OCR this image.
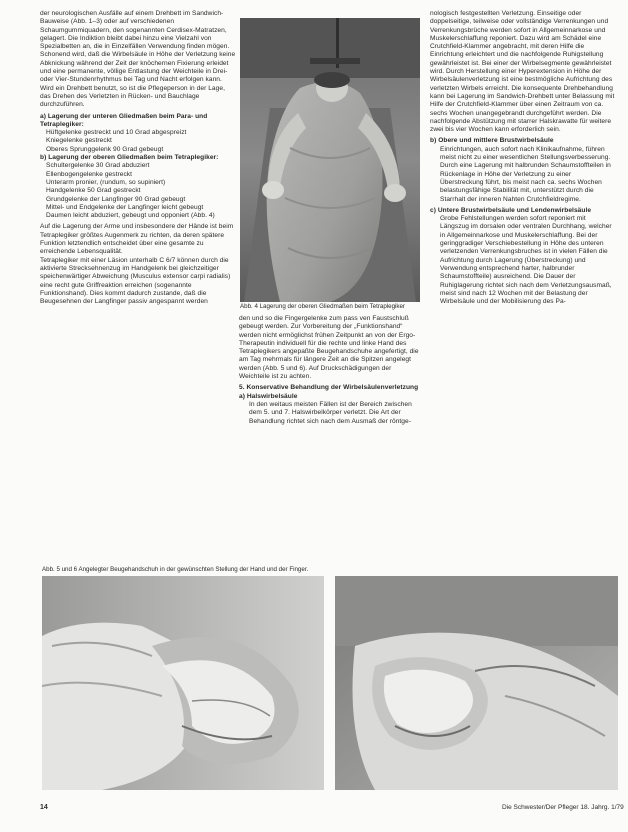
der neurologischen Ausfälle auf einem Drehbett im Sandwich-Bauweise (Abb. 1–3) oder auf verschiedenen Schaumgummiquadern, den sogenannten Cerdisex-Matratzen, gelagert. Die Indiktion bleibt dabei hinzu eine Vielzahl von Spezialbetten an, die in Einzelfällen Verwendung finden mögen. Schonend wird, daß die Wirbelsäule in Höhe der Verletzung keine Abknickung während der Zeit der knöchernen Fixierung erleidet und eine permanente, völlige Entlastung der Weichteile in Drei- oder Vier-Stundenrhythmus bei Tag und Nacht erfolgen kann.

Wird ein Drehbett benutzt, so ist die Pflegeperson in der Lage, das Drehen des Verletzten in Rücken- und Bauchlage durchzuführen.

a) Lagerung der unteren Gliedmaßen beim Para- und Tetraplegiker:

Hüftgelenke gestreckt und 10 Grad abgespreizt

Kniegelenke gestreckt

Oberes Sprunggelenk 90 Grad gebeugt

b) Lagerung der oberen Gliedmaßen beim Tetraplegiker:

Schultergelenke 30 Grad abduziert

Ellenbogengelenke gestreckt

Unterarm pronier, (rundum, so supiniert)

Handgelenke 50 Grad gestreckt

Grundgelenke der Langfinger 90 Grad gebeugt

Mittel- und Endgelenke der Langfinger leicht gebeugt

Daumen leicht abduziert, gebeugt und opponiert (Abb. 4)

Auf die Lagerung der Arme und insbesondere der Hände ist beim Tetraplegiker größtes Augenmerk zu richten, da deren spätere Funktion letztendlich entscheidet über eine gesamte zu erreichende Lebensqualität.

Tetraplegiker mit einer Läsion unterhalb C 6/7 können durch die aktivierte Strecksehnenzug im Handgelenk bei gleichzeitiger speichenwärtiger Abweichung (Musculus extensor carpi radialis) eine recht gute Griffreaktion erreichen (sogenannte Funktionshand). Dies kommt dadurch zustande, daß die Beugesehnen der Langfinger passiv angespannt werden

Abb. 4 Lagerung der oberen Gliedmaßen beim Tetraplegiker

den und so die Fingergelenke zum pass ven Faustschluß gebeugt werden. Zur Vorbereitung der „Funktionshand“ werden nicht ermöglichst frühen Zeitpunkt an von der Ergo-Therapeutin individuell für die rechte und linke Hand des Tetraplegikers angepaßte Beugehandschuhe angefertigt, die am Tag mehrmals für längere Zeit an die Spitzen angelegt werden (Abb. 5 und 6). Auf Druckschädigungen der Weichteile ist zu achten.

5. Konservative Behandlung der Wirbelsäulenverletzung

a) Halswirbelsäule

In den weitaus meisten Fällen ist der Bereich zwischen dem 5. und 7. Halswirbelkörper verletzt. Die Art der Behandlung richtet sich nach dem Ausmaß der röntge-

nologisch festgestellten Verletzung. Einseitige oder doppelseitige, teilweise oder vollständige Verrenkungen und Verrenkungsbrüche werden sofort in Allgemeinnarkose und Muskelerschlaffung reponiert. Dazu wird am Schädel eine Crutchfield-Klammer angebracht, mit deren Hilfe die Einrichtung erleichtert und die nachfolgende Ruhigstellung gewährleistet ist. Bei einer der Wirbelsegmente gewährleistet wird. Durch Herstellung einer Hyperextension in Höhe der Wirbelsäulenverletzung ist eine bestmögliche Aufrichtung des verletzten Wirbels erreicht. Die konsequente Drehbehandlung kann bei Lagerung im Sandwich-Drehbett unter Belassung mit Hilfe der Crutchfield-Klammer über einen Zeitraum von ca. sechs Wochen unangegebrandt durchgeführt werden. Die nachfolgende Abstützung mit starrer Halskrawatte für weitere zwei bis vier Wochen kann erforderlich sein.

b) Obere und mittlere Brustwirbelsäule

Einrichtungen, auch sofort nach Klinikaufnahme, führen meist nicht zu einer wesentlichen Stellungsverbesserung. Durch eine Lagerung mit halbrunden Schaumstoffteilen in Rückenlage in Höhe der Verletzung zu einer Überstreckung führt, bis meist nach ca. sechs Wochen belastungsfähige Stabilität mit, unterstützt durch die Starrhalt der inneren Nahten Crutchfieldregime.

c) Untere Brustwirbelsäule und Lendenwirbelsäule

Grobe Fehlstellungen werden sofort reponiert mit Längszug im dorsalen oder ventralen Durchhang, welcher in Allgemeinnarkose und Muskelerschlaffung. Bei der geringgradiger Verschiebestellung in Höhe des unteren verletzenden Verrenkungsbruches ist in vielen Fällen die Aufrichtung durch Lagerung (Überstreckung) und Verwendung entsprechend harter, halbrunder Schaumstoffteile) ausreichend. Die Dauer der Ruhiglagerung richtet sich nach dem Verletzungsausmaß, meist sind nach 12 Wochen mit der Belastung der Wirbelsäule und der Mobilisierung des Pa-

Abb. 5 und 6 Angelegter Beugehandschuh in der gewünschten Stellung der Hand und der Finger.
14	Die Schwester/Der Pfleger 18. Jahrg. 1/79
